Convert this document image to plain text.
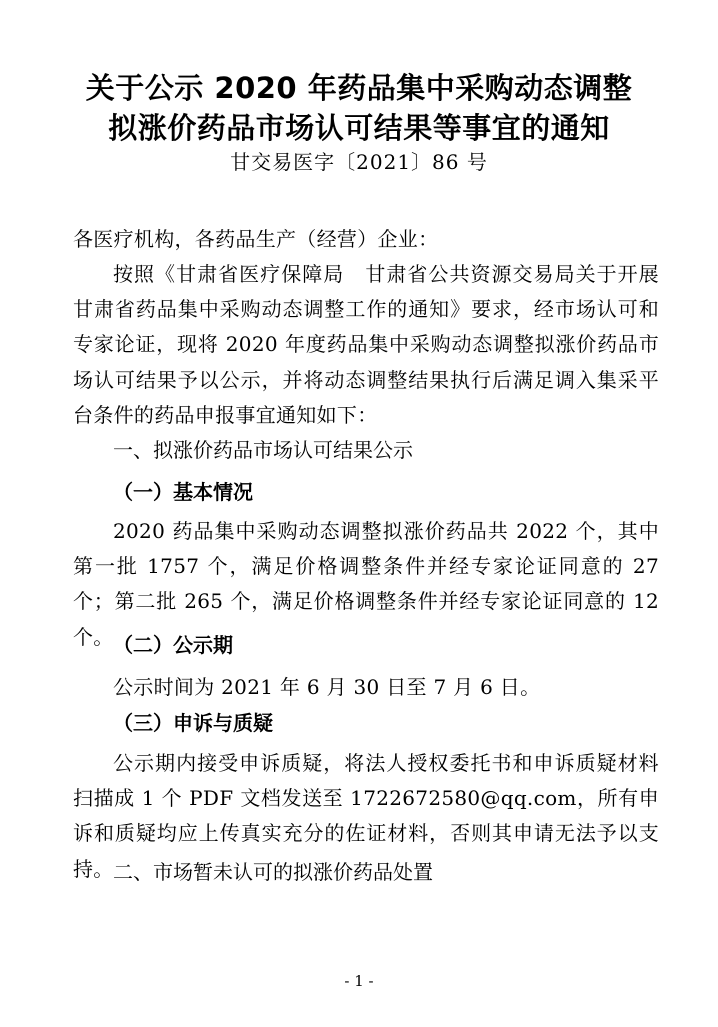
关于公示 2020 年药品集中采购动态调整
拟涨价药品市场认可结果等事宜的通知
甘交易医字〔2021〕86 号
各医疗机构，各药品生产（经营）企业：
按照《甘肃省医疗保障局　甘肃省公共资源交易局关于开展甘肃省药品集中采购动态调整工作的通知》要求，经市场认可和专家论证，现将 2020 年度药品集中采购动态调整拟涨价药品市场认可结果予以公示，并将动态调整结果执行后满足调入集采平台条件的药品申报事宜通知如下：
一、拟涨价药品市场认可结果公示
（一）基本情况
2020 药品集中采购动态调整拟涨价药品共 2022 个，其中第一批 1757 个，满足价格调整条件并经专家论证同意的 27 个；第二批 265 个，满足价格调整条件并经专家论证同意的 12 个。 （二）公示期
公示时间为 2021 年 6 月 30 日至 7 月 6 日。
（三）申诉与质疑
公示期内接受申诉质疑，将法人授权委托书和申诉质疑材料扫描成 1 个 PDF 文档发送至 1722672580@qq.com，所有申诉和质疑均应上传真实充分的佐证材料，否则其申请无法予以支持。 二、市场暂未认可的拟涨价药品处置
- 1 -
